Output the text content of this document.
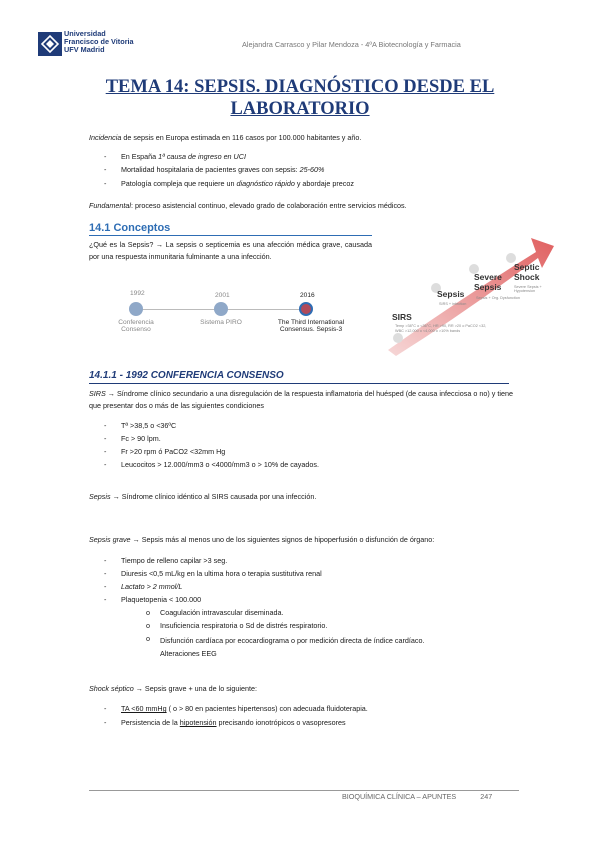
Universidad
Francisco de Vitoria
UFV Madrid
Alejandra Carrasco y Pilar Mendoza - 4ºA Biotecnología y Farmacia
TEMA 14: SEPSIS. DIAGNÓSTICO DESDE EL LABORATORIO
Incidencia de sepsis en Europa estimada en 116 casos por 100.000 habitantes y año.
- En España 1ª causa de ingreso en UCI
- Mortalidad hospitalaria de pacientes graves con sepsis: 25-60%
- Patología compleja que requiere un diagnóstico rápido y abordaje precoz
Fundamental: proceso asistencial continuo, elevado grado de colaboración entre servicios médicos.
14.1 Conceptos
¿Qué es la Sepsis? → La sepsis o septicemia es una afección médica grave, causada por una respuesta inmunitaria fulminante a una infección.
1992	2001	2016
Conferencia
Consenso
Sistema PIRO	The Third International
Consensus. Sepsis-3
SIRS
Sepsis
Severe Sepsis
Septic Shock
Temp >38°C o <36°C, HR >90, RR >20 o PaCO2 <32, WBC >12,000 o <4,000 o >10% bands
SIRS + infection
Sepsis + Org. Dysfunction
Severe Sepsis + Hypotension
14.1.1 - 1992 CONFERENCIA CONSENSO
SIRS → Síndrome clínico secundario a una disregulación de la respuesta inflamatoria del huésped (de causa infecciosa o no) y tiene que presentar dos o más de las siguientes condiciones
- Tª >38,5 o <36ºC
- Fc > 90 lpm.
- Fr >20 rpm ó PaCO2 <32mm Hg
- Leucocitos > 12.000/mm3 o <4000/mm3 o > 10% de cayados.
Sepsis → Síndrome clínico idéntico al SIRS causada por una infección.
Sepsis grave → Sepsis más al menos uno de los siguientes signos de hipoperfusión o disfunción de órgano:
- Tiempo de relleno capilar >3 seg.
- Diuresis <0,5 mL/kg en la ultima hora o terapia sustitutiva renal
- Lactato > 2 mmol/L
- Plaquetopenia < 100.000
o Coagulación intravascular diseminada.
o Insuficiencia respiratoria o Sd de distrés respiratorio.
o Disfunción cardíaca por ecocardiograma o por medición directa de índice cardíaco.
Alteraciones EEG
Shock séptico → Sepsis grave + una de lo siguiente:
- TA <60 mmHg ( o > 80 en pacientes hipertensos) con adecuada fluidoterapia.
- Persistencia de la hipotensión precisando ionotrópicos o vasopresores
BIOQUÍMICA CLÍNICA – APUNTES	247
